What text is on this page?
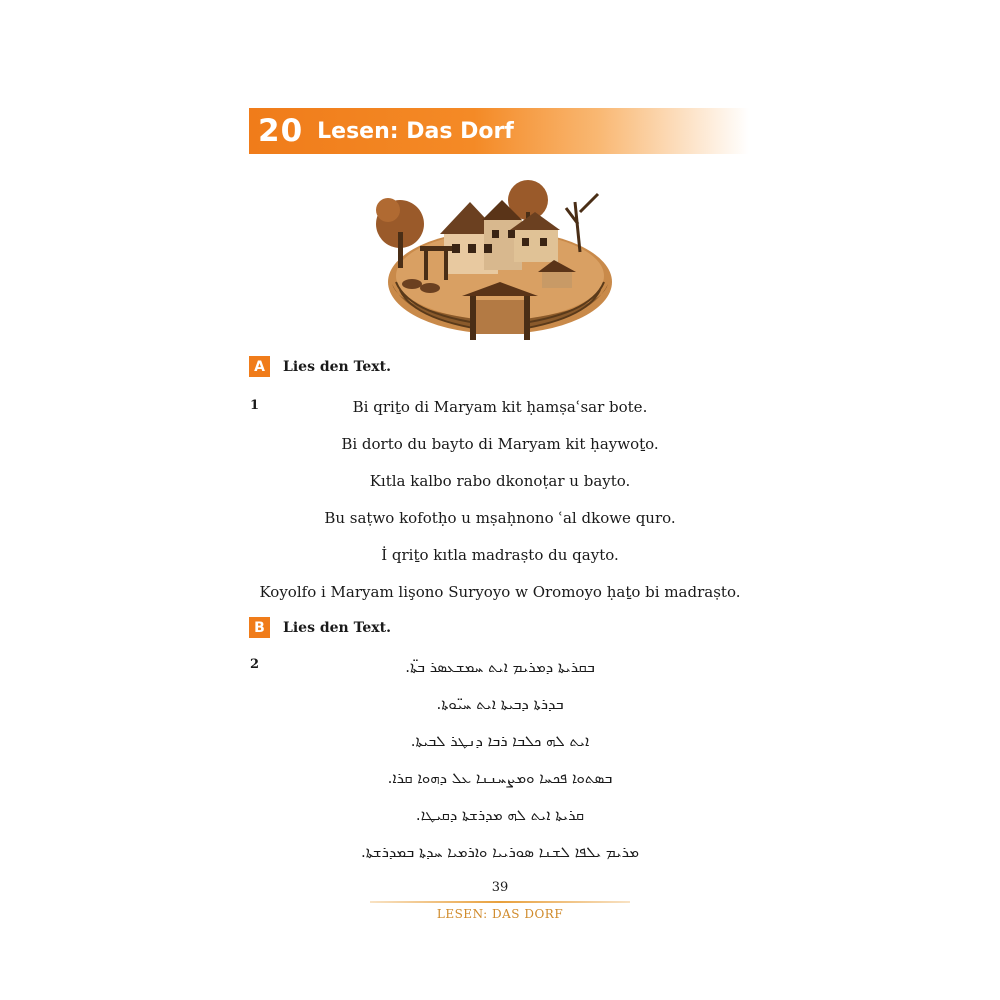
20 Lesen: Das Dorf
A	Lies den Text.
1	Bi qriṯo di Maryam kit ḥamṣaʿsar bote.
Bi dorto du bayto di Maryam kit ḥaywoṯo.
Kıtla kalbo rabo dkonoṭar u bayto.
Bu saṭwo kofotḥo u mṣaḥnono ʿal dkowe quro.
İ qriṯo kıtla madraṣto du qayto.
Koyolfo i Maryam lişono Suryoyo w Oromoyo ḥaṯo bi madraṣto.
B	Lies den Text.
2	ܒܩܪܝܬܐ ܕܡܪܝܡ ܐܝܬ ܚܡܫܥܣܪ ܒܬ̈ܐ.
ܒܕܪܬܐ ܕܒܝܬܐ ܐܝܬ ܚܝ̈ܘܬܐ.
ܐܝܬ ܠܗ ܟܠܒܐ ܪܒܐ ܕܢܛܪ ܠܒܝܬܐ.
ܒܣܬܘܐ ܦܟܚܐ ܘܡܨܚܢܢܐ ܥܠ ܕܗܘܐ ܩܪܐ.
ܩܪܝܬܐ ܐܝܬ ܠܗ ܡܕܪܫܬܐ ܕܩܝܛܐ.
ܡܪܝܡ ܝܠܦܐ ܠܫܢܐ ܣܘܪܝܝܐ ܘܐܪܡܝܐ ܚܕܬܐ ܒܡܕܪܫܬܐ.
39
LESEN: DAS DORF
